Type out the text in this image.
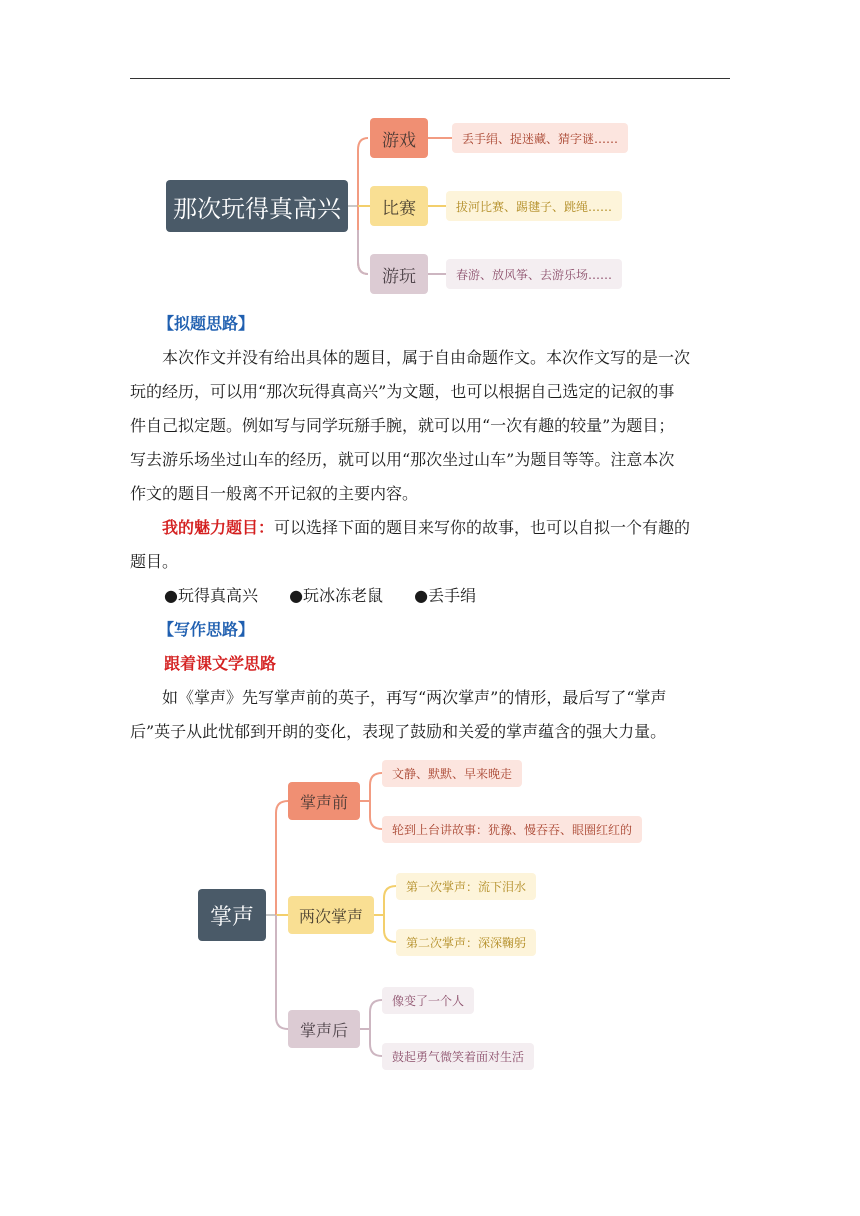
那次玩得真高兴
游戏
比赛
游玩
丢手绢、捉迷藏、猜字谜……
拔河比赛、踢毽子、跳绳……
春游、放风筝、去游乐场……
【拟题思路】
本次作文并没有给出具体的题目，属于自由命题作文。本次作文写的是一次
玩的经历，可以用“那次玩得真高兴”为文题，也可以根据自己选定的记叙的事
件自己拟定题。例如写与同学玩掰手腕，就可以用“一次有趣的较量”为题目；
写去游乐场坐过山车的经历，就可以用“那次坐过山车”为题目等等。注意本次
作文的题目一般离不开记叙的主要内容。
我的魅力题目：可以选择下面的题目来写你的故事，也可以自拟一个有趣的
题目。
●玩得真高兴 ●玩冰冻老鼠 ●丢手绢
【写作思路】
跟着课文学思路
如《掌声》先写掌声前的英子，再写“两次掌声”的情形，最后写了“掌声
后”英子从此忧郁到开朗的变化，表现了鼓励和关爱的掌声蕴含的强大力量。
掌声
掌声前
两次掌声
掌声后
文静、默默、早来晚走
轮到上台讲故事：犹豫、慢吞吞、眼圈红红的
第一次掌声：流下泪水
第二次掌声：深深鞠躬
像变了一个人
鼓起勇气微笑着面对生活
